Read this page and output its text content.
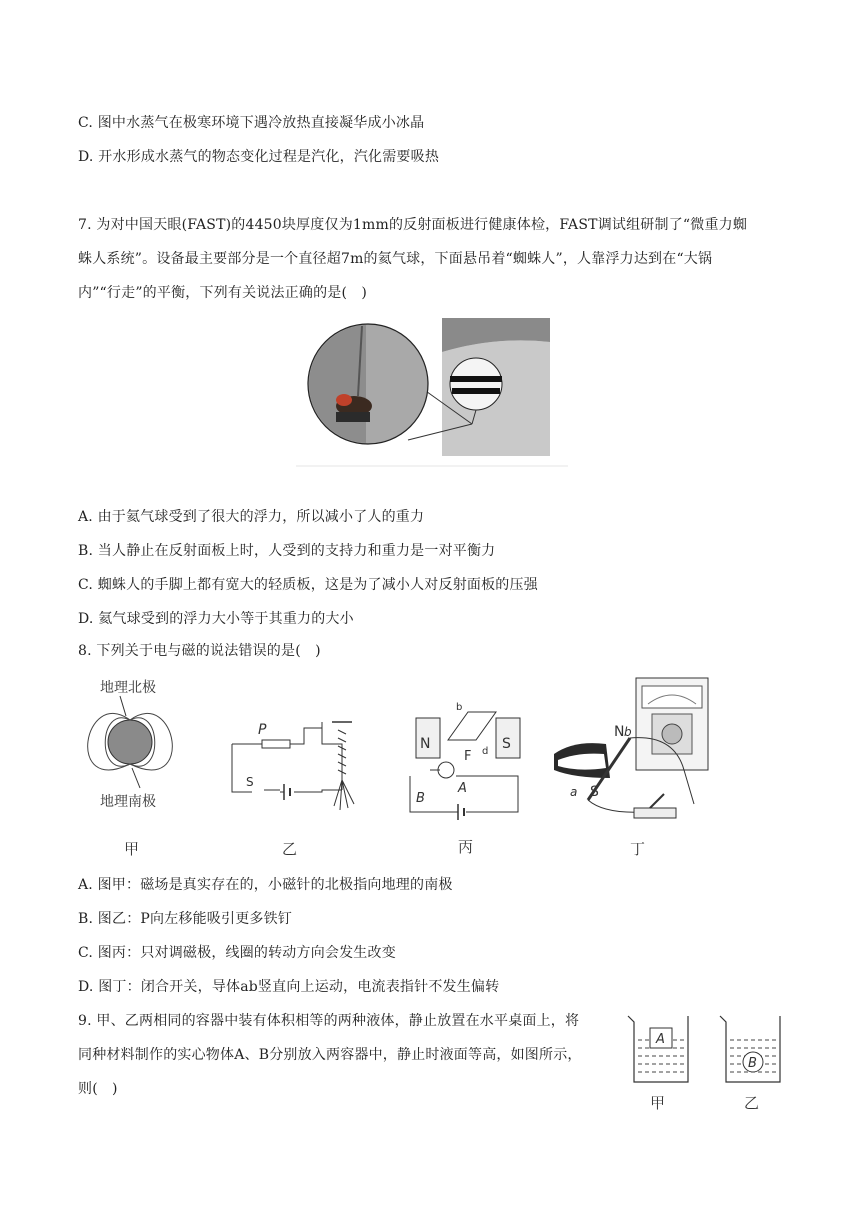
C. 图中水蒸气在极寒环境下遇冷放热直接凝华成小冰晶
D. 开水形成水蒸气的物态变化过程是汽化，汽化需要吸热
7. 为对中国天眼(FAST)的4450块厚度仅为1mm的反射面板进行健康体检，FAST调试组研制了“微重力蜘
蛛人系统”。设备最主要部分是一个直径超7m的氦气球，下面悬吊着“蜘蛛人”，人靠浮力达到在“大锅
内”“行走”的平衡，下列有关说法正确的是(　)
A. 由于氦气球受到了很大的浮力，所以减小了人的重力
B. 当人静止在反射面板上时，人受到的支持力和重力是一对平衡力
C. 蜘蛛人的手脚上都有宽大的轻质板，这是为了减小人对反射面板的压强
D. 氦气球受到的浮力大小等于其重力的大小
8. 下列关于电与磁的说法错误的是(　)
地理北极
地理南极
甲
P
S
乙
N	S
b
d
F
A
B
丙
N b
S
a
丁
A. 图甲：磁场是真实存在的，小磁针的北极指向地理的南极
B. 图乙：P向左移能吸引更多铁钉
C. 图丙：只对调磁极，线圈的转动方向会发生改变
D. 图丁：闭合开关，导体ab竖直向上运动，电流表指针不发生偏转
9. 甲、乙两相同的容器中装有体积相等的两种液体，静止放置在水平桌面上，将
同种材料制作的实心物体A、B分别放入两容器中，静止时液面等高，如图所示，
则(　)
A
甲
B
乙
